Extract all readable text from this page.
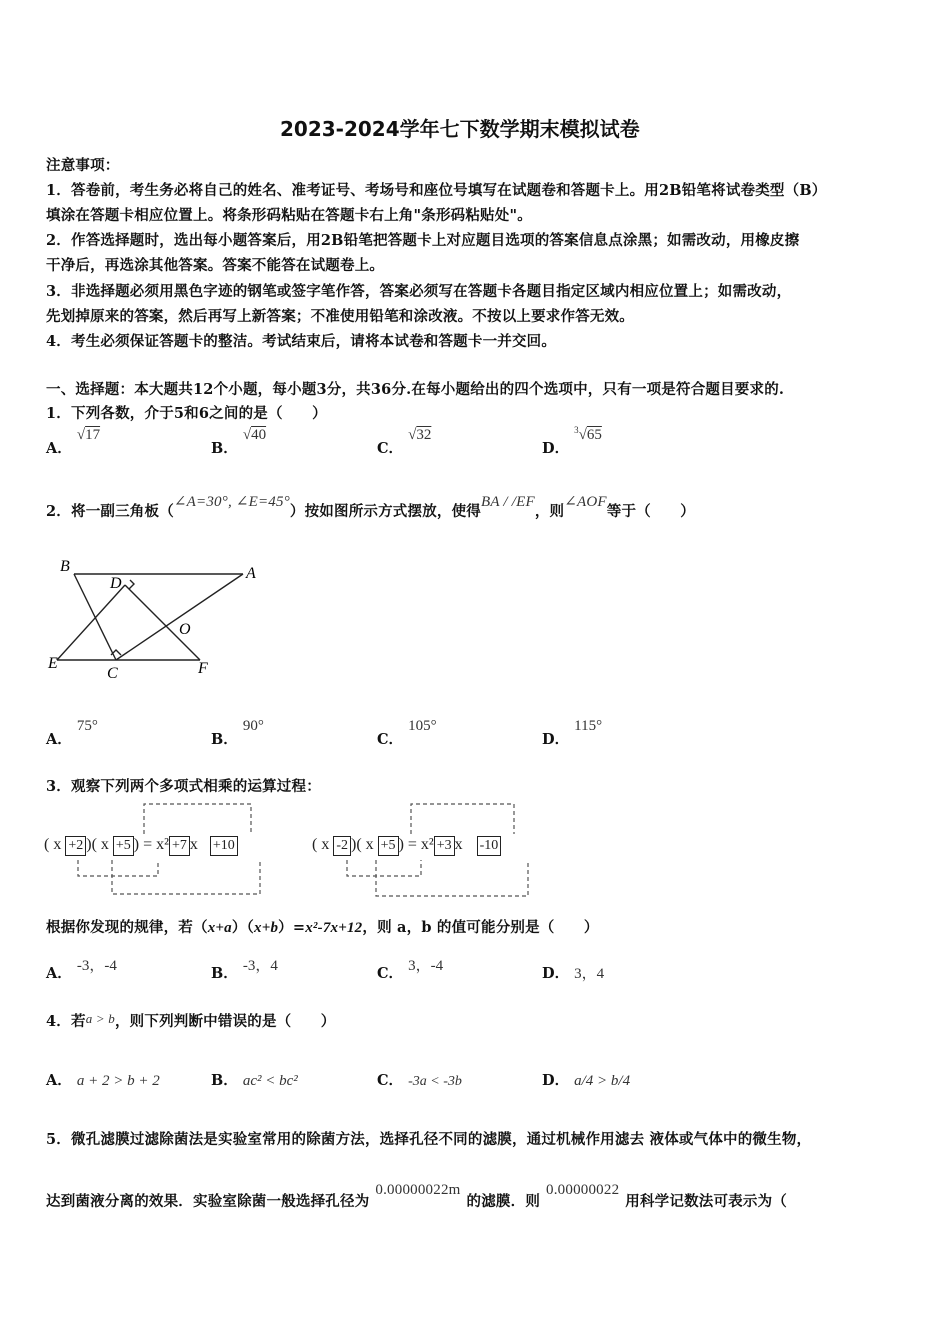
2023-2024学年七下数学期末模拟试卷
注意事项：
1．答卷前，考生务必将自己的姓名、准考证号、考场号和座位号填写在试题卷和答题卡上。用2B铅笔将试卷类型（B）
填涂在答题卡相应位置上。将条形码粘贴在答题卡右上角"条形码粘贴处"。
2．作答选择题时，选出每小题答案后，用2B铅笔把答题卡上对应题目选项的答案信息点涂黑；如需改动，用橡皮擦
干净后，再选涂其他答案。答案不能答在试题卷上。
3．非选择题必须用黑色字迹的钢笔或签字笔作答，答案必须写在答题卡各题目指定区域内相应位置上；如需改动，
先划掉原来的答案，然后再写上新答案；不准使用铅笔和涂改液。不按以上要求作答无效。
4．考生必须保证答题卡的整洁。考试结束后，请将本试卷和答题卡一并交回。
一、选择题：本大题共12个小题，每小题3分，共36分.在每小题给出的四个选项中，只有一项是符合题目要求的.
1．下列各数，介于5和6之间的是（　　）
A． √17
B． √40
C． √32
D． $^3$√65
2．将一副三角板（∠A=30°, ∠E=45°）按如图所示方式摆放，使得BA / /EF，则∠AOF等于（　　）
B	A
D
O
E
C	F
A． 75°
B． 90°
C． 105°
D． 115°
3．观察下列两个多项式相乘的运算过程：
( x +2 )( x +5 ) = x² +7 x +10	( x -2 )( x +5 ) = x² +3 x -10
根据你发现的规律，若（x+a）（x+b）=x²-7x+12，则 a，b 的值可能分别是（　　）
A． -3，-4	B． -3，4	C． 3，-4	D． 3，4
4．若a > b，则下列判断中错误的是（　　）
A． a + 2 > b + 2	B． ac² < bc²	C． -3a < -3b	D． a/4 > b/4
5．微孔滤膜过滤除菌法是实验室常用的除菌方法，选择孔径不同的滤膜，通过机械作用滤去 液体或气体中的微生物，
达到菌液分离的效果．实验室除菌一般选择孔径为0.00000022m的滤膜．则0.00000022用科学记数法可表示为（
